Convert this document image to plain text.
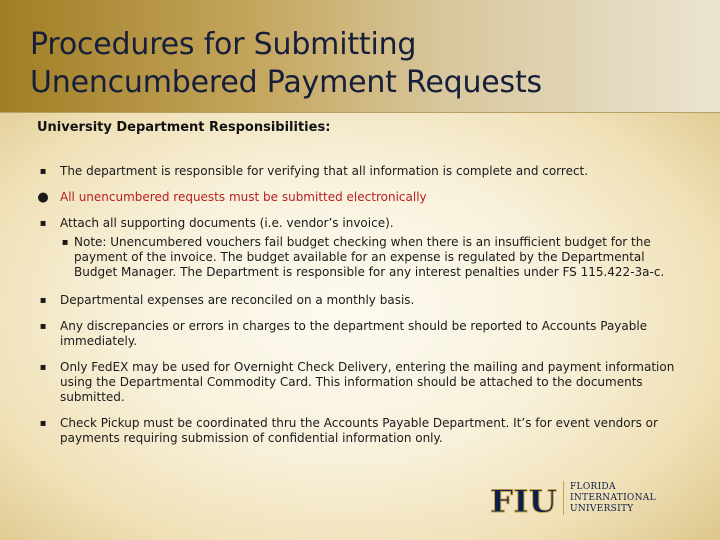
Procedures for Submitting
Unencumbered Payment Requests
University Department Responsibilities:
▪ The department is responsible for verifying that all information is complete and correct.
● All unencumbered requests must be submitted electronically
▪ Attach all supporting documents (i.e. vendor’s invoice).
▪ Note: Unencumbered vouchers fail budget checking when there is an insufficient budget for the payment of the invoice. The budget available for an expense is regulated by the Departmental Budget Manager. The Department is responsible for any interest penalties under FS 115.422-3a-c.
▪ Departmental expenses are reconciled on a monthly basis.
▪ Any discrepancies or errors in charges to the department should be reported to Accounts Payable immediately.
▪ Only FedEX may be used for Overnight Check Delivery, entering the mailing and payment information using the Departmental Commodity Card. This information should be attached to the documents submitted.
▪ Check Pickup must be coordinated thru the Accounts Payable Department. It’s for event vendors or payments requiring submission of confidential information only.
FIU FLORIDA
INTERNATIONAL
UNIVERSITY
